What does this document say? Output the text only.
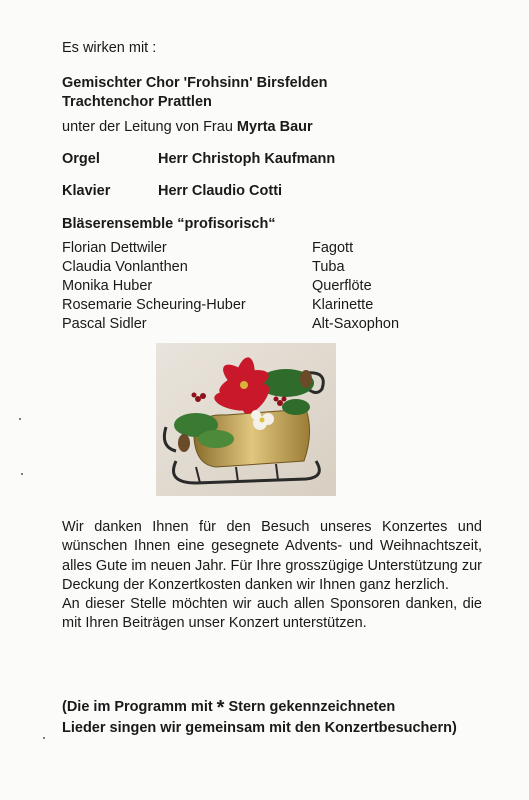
Es wirken mit :
Gemischter Chor 'Frohsinn' Birsfelden
Trachtenchor Prattlen
unter der Leitung von Frau Myrta Baur
Orgel	Herr Christoph Kaufmann
Klavier	Herr Claudio Cotti
Bläserensemble “profisorisch“
Florian Dettwiler	Fagott
Claudia Vonlanthen	Tuba
Monika Huber	Querflöte
Rosemarie Scheuring-Huber	Klarinette
Pascal Sidler	Alt-Saxophon

Wir danken Ihnen für den Besuch unseres Konzertes und wünschen Ihnen eine gesegnete Advents- und Weihnachtszeit, alles Gute im neuen Jahr. Für Ihre grosszügige Unterstützung zur Deckung der Konzertkosten danken wir Ihnen ganz herzlich.

An dieser Stelle möchten wir auch allen Sponsoren danken, die mit Ihren Beiträgen unser Konzert unterstützen.

(Die im Programm mit * Stern gekennzeichneten
Lieder singen wir gemeinsam mit den Konzertbesuchern)
